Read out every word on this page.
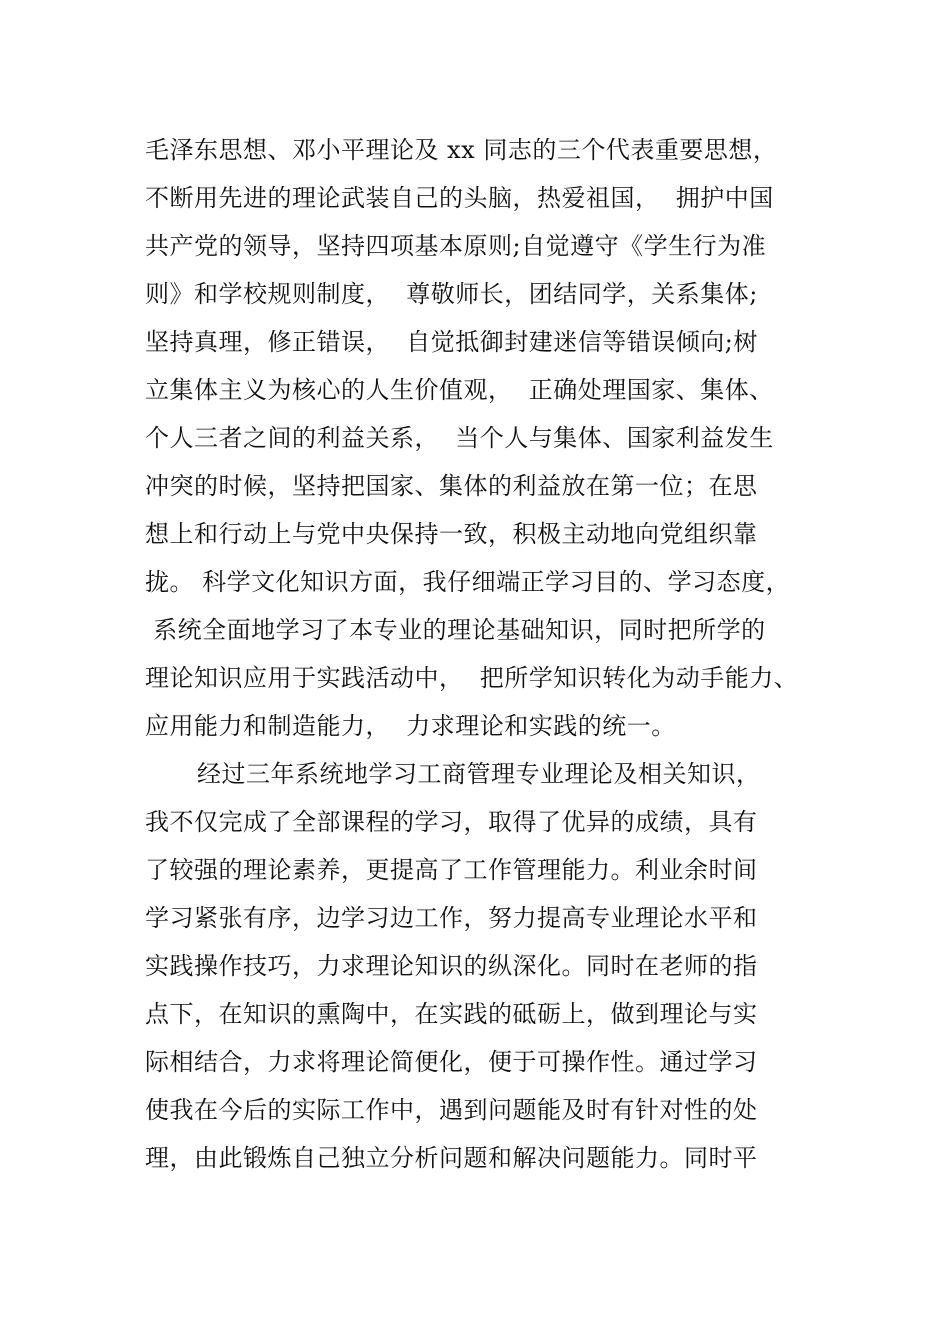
毛泽东思想、邓小平理论及 xx 同志的三个代表重要思想，
不断用先进的理论武装自己的头脑，热爱祖国，  拥护中国
共产党的领导，坚持四项基本原则;自觉遵守《学生行为准
则》和学校规则制度，  尊敬师长，团结同学，关系集体;
坚持真理，修正错误，  自觉抵御封建迷信等错误倾向;树
立集体主义为核心的人生价值观，  正确处理国家、集体、
个人三者之间的利益关系，  当个人与集体、国家利益发生
冲突的时候，坚持把国家、集体的利益放在第一位；在思
想上和行动上与党中央保持一致，积极主动地向党组织靠
拢。 科学文化知识方面，我仔细端正学习目的、学习态度，
系统全面地学习了本专业的理论基础知识，同时把所学的
理论知识应用于实践活动中，  把所学知识转化为动手能力、
应用能力和制造能力，  力求理论和实践的统一。
经过三年系统地学习工商管理专业理论及相关知识，
我不仅完成了全部课程的学习，取得了优异的成绩，具有
了较强的理论素养，更提高了工作管理能力。利业余时间
学习紧张有序，边学习边工作，努力提高专业理论水平和
实践操作技巧，力求理论知识的纵深化。同时在老师的指
点下，在知识的熏陶中，在实践的砥砺上，做到理论与实
际相结合，力求将理论简便化，便于可操作性。通过学习
使我在今后的实际工作中，遇到问题能及时有针对性的处
理，由此锻炼自己独立分析问题和解决问题能力。同时平
